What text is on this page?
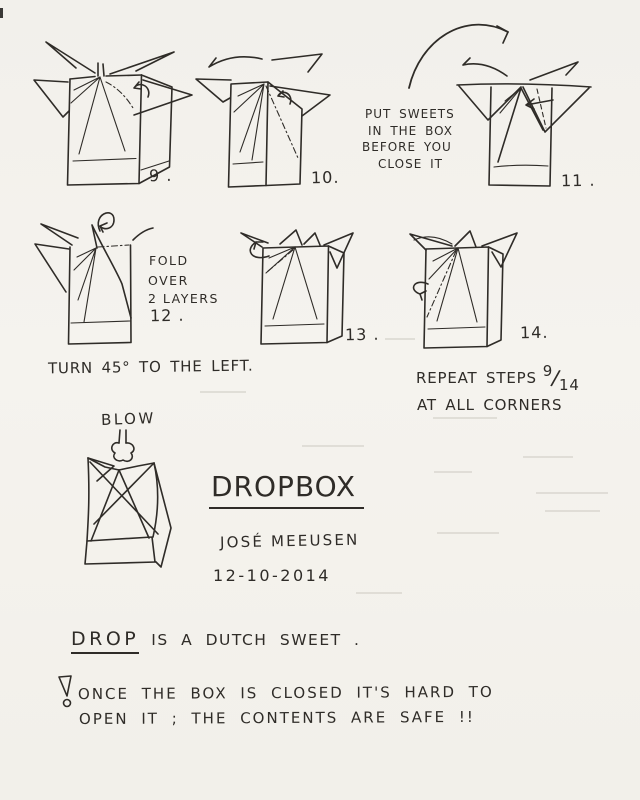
9 .	10.	11 .
12 .
13 .	14.
PUT SWEETS
IN THE BOX
BEFORE YOU
CLOSE IT
FOLD
OVER
2 LAYERS
TURN 45° TO THE LEFT.
REPEAT STEPS 9/14
AT ALL CORNERS
BLOW
DROPBOX
JOSÉ MEEUSEN
12-10-2014
DROP IS A DUTCH SWEET .
ONCE THE BOX IS CLOSED IT'S HARD TO
OPEN IT ; THE CONTENTS ARE SAFE !!
